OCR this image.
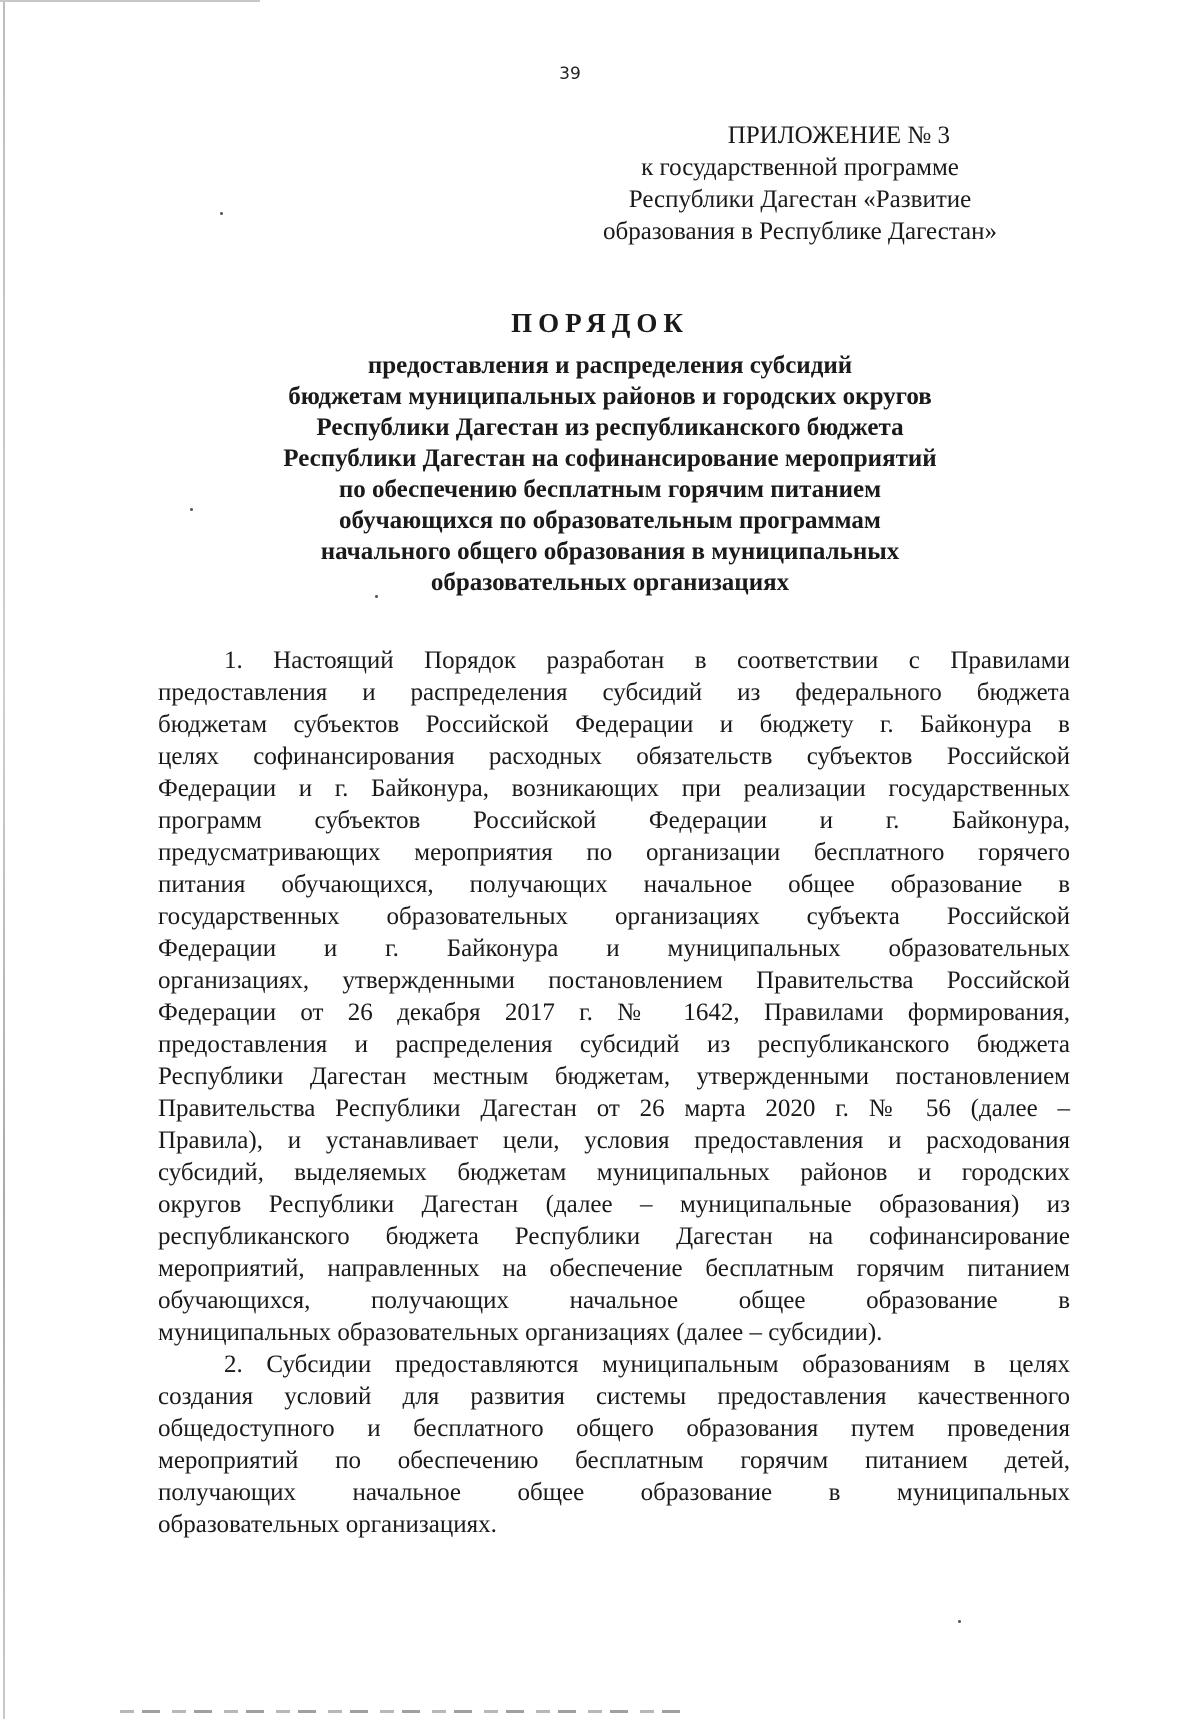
39
ПРИЛОЖЕНИЕ № 3
к государственной программе
Республики Дагестан «Развитие
образования в Республике Дагестан»
ПОРЯДОК
предоставления и распределения субсидий
бюджетам муниципальных районов и городских округов
Республики Дагестан из республиканского бюджета
Республики Дагестан на софинансирование мероприятий
по обеспечению бесплатным горячим питанием
обучающихся по образовательным программам
начального общего образования в муниципальных
образовательных организациях
1. Настоящий Порядок разработан в соответствии с Правилами
предоставления и распределения субсидий из федерального бюджета
бюджетам субъектов Российской Федерации и бюджету г. Байконура в
целях софинансирования расходных обязательств субъектов Российской
Федерации и г. Байконура, возникающих при реализации государственных
программ субъектов Российской Федерации и г. Байконура,
предусматривающих мероприятия по организации бесплатного горячего
питания обучающихся, получающих начальное общее образование в
государственных образовательных организациях субъекта Российской
Федерации и г. Байконура и муниципальных образовательных
организациях, утвержденными постановлением Правительства Российской
Федерации от 26 декабря 2017 г. № 1642, Правилами формирования,
предоставления и распределения субсидий из республиканского бюджета
Республики Дагестан местным бюджетам, утвержденными постановлением
Правительства Республики Дагестан от 26 марта 2020 г. № 56 (далее –
Правила), и устанавливает цели, условия предоставления и расходования
субсидий, выделяемых бюджетам муниципальных районов и городских
округов Республики Дагестан (далее – муниципальные образования) из
республиканского бюджета Республики Дагестан на софинансирование
мероприятий, направленных на обеспечение бесплатным горячим питанием
обучающихся, получающих начальное общее образование в
муниципальных образовательных организациях (далее – субсидии).
2. Субсидии предоставляются муниципальным образованиям в целях
создания условий для развития системы предоставления качественного
общедоступного и бесплатного общего образования путем проведения
мероприятий по обеспечению бесплатным горячим питанием детей,
получающих начальное общее образование в муниципальных
образовательных организациях.
